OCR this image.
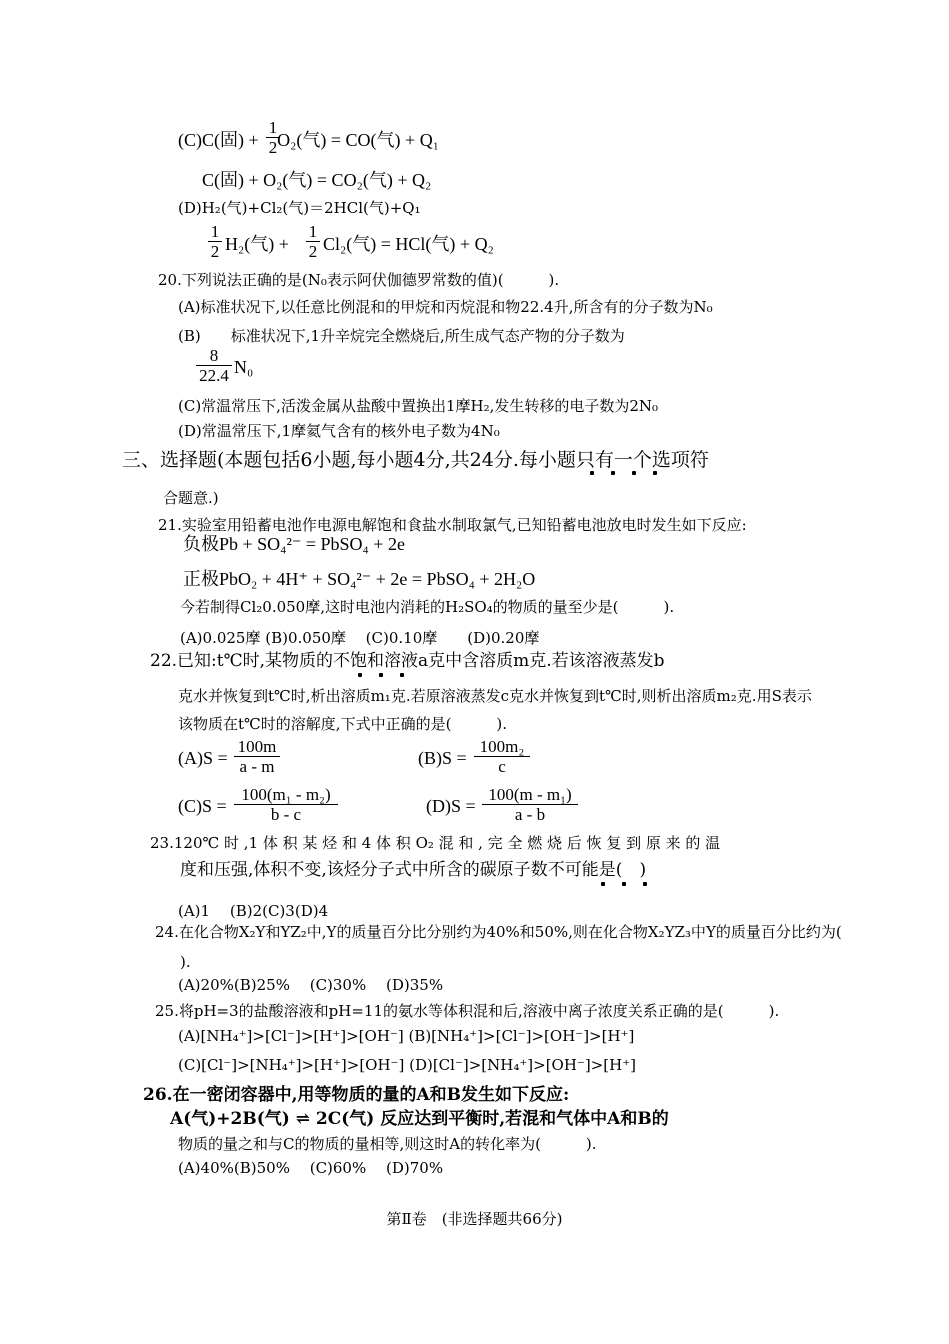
(C)C(固) + O₂(气) = CO(气) + Q₁
$\frac{1}{2}$
C(固) + O₂(气) = CO₂(气) + Q₂
(D)H₂(气)+Cl₂(气)＝2HCl(气)+Q₁
$\frac{1}{2} H_2$(气) + $\frac{1}{2} Cl_2$(气) = HCl(气) + Q₂
20.下列说法正确的是(N₀表示阿伏伽德罗常数的值)(　　　).
(A)标准状况下,以任意比例混和的甲烷和丙烷混和物22.4升,所含有的分子数为N₀
(B)　　标准状况下,1升辛烷完全燃烧后,所生成气态产物的分子数为
$\frac{8}{22.4} N_0$
(C)常温常压下,活泼金属从盐酸中置换出1摩H₂,发生转移的电子数为2N₀
(D)常温常压下,1摩氦气含有的核外电子数为4N₀
三、选择题(本题包括6小题,每小题4分,共24分.每小题只有一个选项符
合题意.)
21.实验室用铅蓄电池作电源电解饱和食盐水制取氯气,已知铅蓄电池放电时发生如下反应:
负极Pb + SO₄²⁻ = PbSO₄ + 2e
正极PbO₂ + 4H⁺ + SO₄²⁻ + 2e = PbSO₄ + 2H₂O
今若制得Cl₂0.050摩,这时电池内消耗的H₂SO₄的物质的量至少是(　　　).
(A)0.025摩 (B)0.050摩　 (C)0.10摩　　(D)0.20摩
22.已知:t℃时,某物质的不饱和溶液a克中含溶质m克.若该溶液蒸发b
克水并恢复到t℃时,析出溶质m₁克.若原溶液蒸发c克水并恢复到t℃时,则析出溶质m₂克.用S表示
该物质在t℃时的溶解度,下式中正确的是(　　　).
$(A)S = \frac{100m}{a - m}$	$(B)S = \frac{\text{100m₂}}{c}$
$(C)S = \frac{\text{100(m₁ - m₂)}}{b - c}$	$(D)S = \frac{\text{100(m - m₁)}}{a - b}$
23.120℃ 时 ,1 体 积 某 烃 和 4 体 积 O₂ 混 和 , 完 全 燃 烧 后 恢 复 到 原 来 的 温
度和压强,体积不变,该烃分子式中所含的碳原子数不可能是(　)
(A)1　 (B)2(C)3(D)4
24.在化合物X₂Y和YZ₂中,Y的质量百分比分别约为40%和50%,则在化合物X₂YZ₃中Y的质量百分比约为(
).
(A)20%(B)25%　 (C)30%　 (D)35%
25.将pH=3的盐酸溶液和pH=11的氨水等体积混和后,溶液中离子浓度关系正确的是(　　　).
(A)[NH₄⁺]>[Cl⁻]>[H⁺]>[OH⁻] (B)[NH₄⁺]>[Cl⁻]>[OH⁻]>[H⁺]
(C)[Cl⁻]>[NH₄⁺]>[H⁺]>[OH⁻] (D)[Cl⁻]>[NH₄⁺]>[OH⁻]>[H⁺]
26.在一密闭容器中,用等物质的量的A和B发生如下反应:
A(气)+2B(气) ⇌ 2C(气) 反应达到平衡时,若混和气体中A和B的
物质的量之和与C的物质的量相等,则这时A的转化率为(　　　).
(A)40%(B)50%　 (C)60%　 (D)70%
第Ⅱ卷　(非选择题共66分)
